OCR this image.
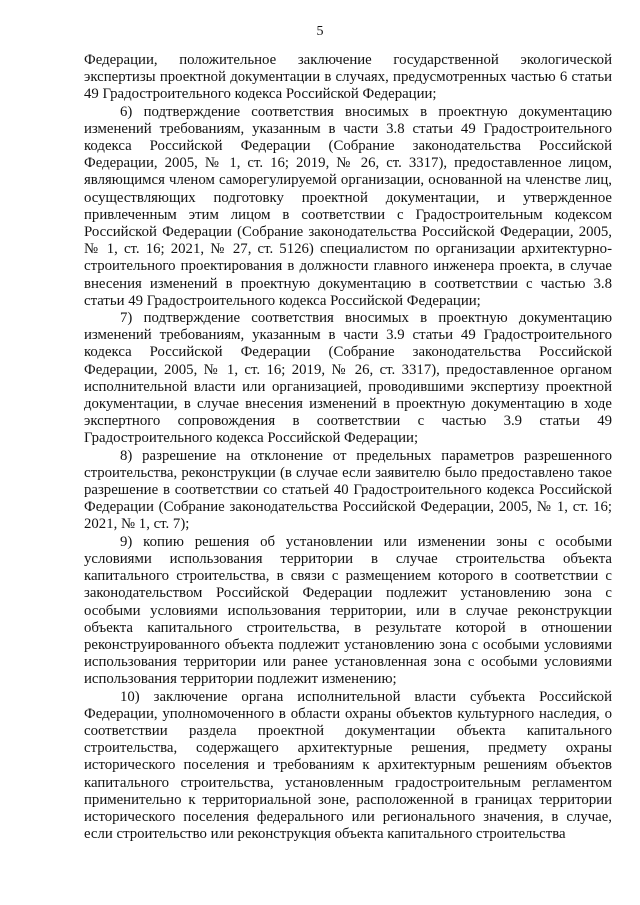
5

Федерации, положительное заключение государственной экологической экспертизы проектной документации в случаях, предусмотренных частью 6 статьи 49 Градостроительного кодекса Российской Федерации;

6) подтверждение соответствия вносимых в проектную документацию изменений требованиям, указанным в части 3.8 статьи 49 Градостроительного кодекса Российской Федерации (Собрание законодательства Российской Федерации, 2005, № 1, ст. 16; 2019, № 26, ст. 3317), предоставленное лицом, являющимся членом саморегулируемой организации, основанной на членстве лиц, осуществляющих подготовку проектной документации, и утвержденное привлеченным этим лицом в соответствии с Градостроительным кодексом Российской Федерации (Собрание законодательства Российской Федерации, 2005, № 1, ст. 16; 2021, № 27, ст. 5126) специалистом по организации архитектурно-строительного проектирования в должности главного инженера проекта, в случае внесения изменений в проектную документацию в соответствии с частью 3.8 статьи 49 Градостроительного кодекса Российской Федерации;

7) подтверждение соответствия вносимых в проектную документацию изменений требованиям, указанным в части 3.9 статьи 49 Градостроительного кодекса Российской Федерации (Собрание законодательства Российской Федерации, 2005, № 1, ст. 16; 2019, № 26, ст. 3317), предоставленное органом исполнительной власти или организацией, проводившими экспертизу проектной документации, в случае внесения изменений в проектную документацию в ходе экспертного сопровождения в соответствии с частью 3.9 статьи 49 Градостроительного кодекса Российской Федерации;

8) разрешение на отклонение от предельных параметров разрешенного строительства, реконструкции (в случае если заявителю было предоставлено такое разрешение в соответствии со статьей 40 Градостроительного кодекса Российской Федерации (Собрание законодательства Российской Федерации, 2005, № 1, ст. 16; 2021, № 1, ст. 7);

9) копию решения об установлении или изменении зоны с особыми условиями использования территории в случае строительства объекта капитального строительства, в связи с размещением которого в соответствии с законодательством Российской Федерации подлежит установлению зона с особыми условиями использования территории, или в случае реконструкции объекта капитального строительства, в результате которой в отношении реконструированного объекта подлежит установлению зона с особыми условиями использования территории или ранее установленная зона с особыми условиями использования территории подлежит изменению;

10) заключение органа исполнительной власти субъекта Российской Федерации, уполномоченного в области охраны объектов культурного наследия, о соответствии раздела проектной документации объекта капитального строительства, содержащего архитектурные решения, предмету охраны исторического поселения и требованиям к архитектурным решениям объектов капитального строительства, установленным градостроительным регламентом применительно к территориальной зоне, расположенной в границах территории исторического поселения федерального или регионального значения, в случае, если строительство или реконструкция объекта капитального строительства
